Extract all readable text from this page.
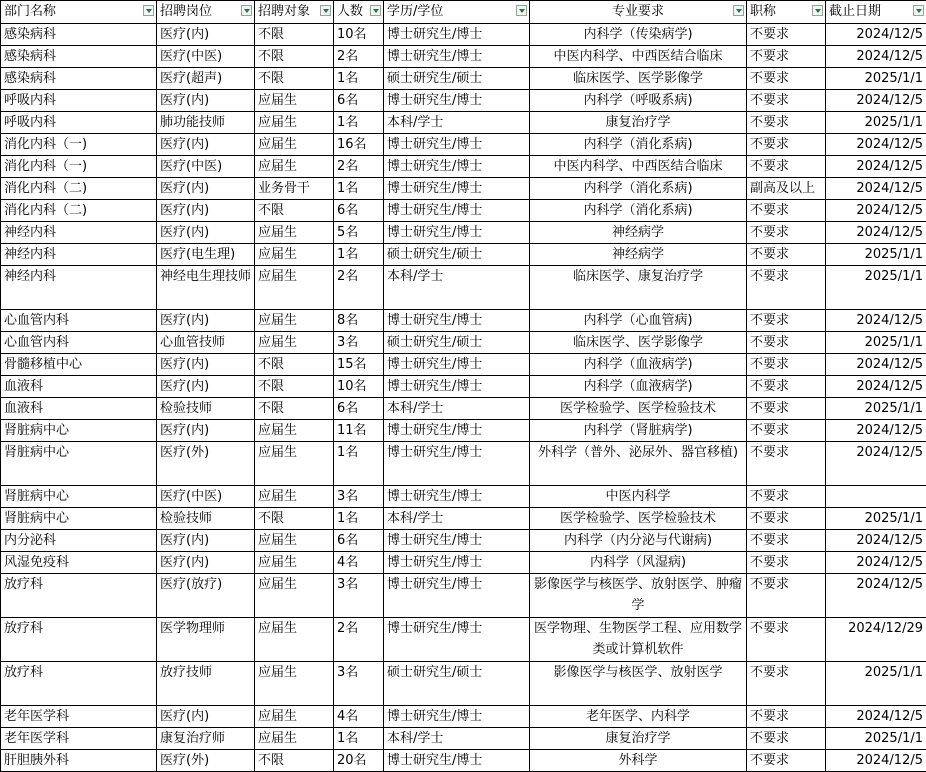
部门名称	招聘岗位	招聘对象	人数	学历/学位	专业要求	职称	截止日期

感染病科	医疗(内)	不限	10名	博士研究生/博士	内科学（传染病学)	不要求	2024/12/5
感染病科	医疗(中医)	不限	2名	博士研究生/博士	中医内科学、中西医结合临床	不要求	2024/12/5
感染病科	医疗(超声)	不限	1名	硕士研究生/硕士	临床医学、医学影像学	不要求	2025/1/1
呼吸内科	医疗(内)	应届生	6名	博士研究生/博士	内科学（呼吸系病)	不要求	2024/12/5
呼吸内科	肺功能技师	应届生	1名	本科/学士	康复治疗学	不要求	2025/1/1
消化内科（一)	医疗(内)	应届生	16名	博士研究生/博士	内科学（消化系病)	不要求	2024/12/5
消化内科（一)	医疗(中医)	应届生	2名	博士研究生/博士	中医内科学、中西医结合临床	不要求	2024/12/5
消化内科（二)	医疗(内)	业务骨干	1名	博士研究生/博士	内科学（消化系病)	副高及以上	2024/12/5
消化内科（二)	医疗(内)	不限	6名	博士研究生/博士	内科学（消化系病)	不要求	2024/12/5
神经内科	医疗(内)	应届生	5名	博士研究生/博士	神经病学	不要求	2024/12/5
神经内科	医疗(电生理)	应届生	1名	硕士研究生/硕士	神经病学	不要求	2025/1/1
神经内科	神经电生理技师	应届生	2名	本科/学士	临床医学、康复治疗学	不要求	2025/1/1
心血管内科	医疗(内)	应届生	8名	博士研究生/博士	内科学（心血管病)	不要求	2024/12/5
心血管内科	心血管技师	应届生	3名	硕士研究生/硕士	临床医学、医学影像学	不要求	2025/1/1
骨髓移植中心	医疗(内)	不限	15名	博士研究生/博士	内科学（血液病学)	不要求	2024/12/5
血液科	医疗(内)	不限	10名	博士研究生/博士	内科学（血液病学)	不要求	2024/12/5
血液科	检验技师	不限	6名	本科/学士	医学检验学、医学检验技术	不要求	2025/1/1
肾脏病中心	医疗(内)	应届生	11名	博士研究生/博士	内科学（肾脏病学)	不要求	2024/12/5
肾脏病中心	医疗(外)	应届生	1名	博士研究生/博士	外科学（普外、泌尿外、器官移植)	不要求	2024/12/5
肾脏病中心	医疗(中医)	应届生	3名	博士研究生/博士	中医内科学	不要求	
肾脏病中心	检验技师	不限	1名	本科/学士	医学检验学、医学检验技术	不要求	2025/1/1
内分泌科	医疗(内)	应届生	6名	博士研究生/博士	内科学（内分泌与代谢病)	不要求	2024/12/5
风湿免疫科	医疗(内)	应届生	4名	博士研究生/博士	内科学（风湿病)	不要求	2024/12/5
放疗科	医疗(放疗)	应届生	3名	博士研究生/博士	影像医学与核医学、放射医学、肿瘤学	不要求	2024/12/5
放疗科	医学物理师	应届生	2名	博士研究生/博士	医学物理、生物医学工程、应用数学类或计算机软件	不要求	2024/12/29
放疗科	放疗技师	应届生	3名	硕士研究生/硕士	影像医学与核医学、放射医学	不要求	2025/1/1
老年医学科	医疗(内)	应届生	4名	博士研究生/博士	老年医学、内科学	不要求	2024/12/5
老年医学科	康复治疗师	应届生	1名	本科/学士	康复治疗学	不要求	2025/1/1
肝胆胰外科	医疗(外)	不限	20名	博士研究生/博士	外科学	不要求	2024/12/5
